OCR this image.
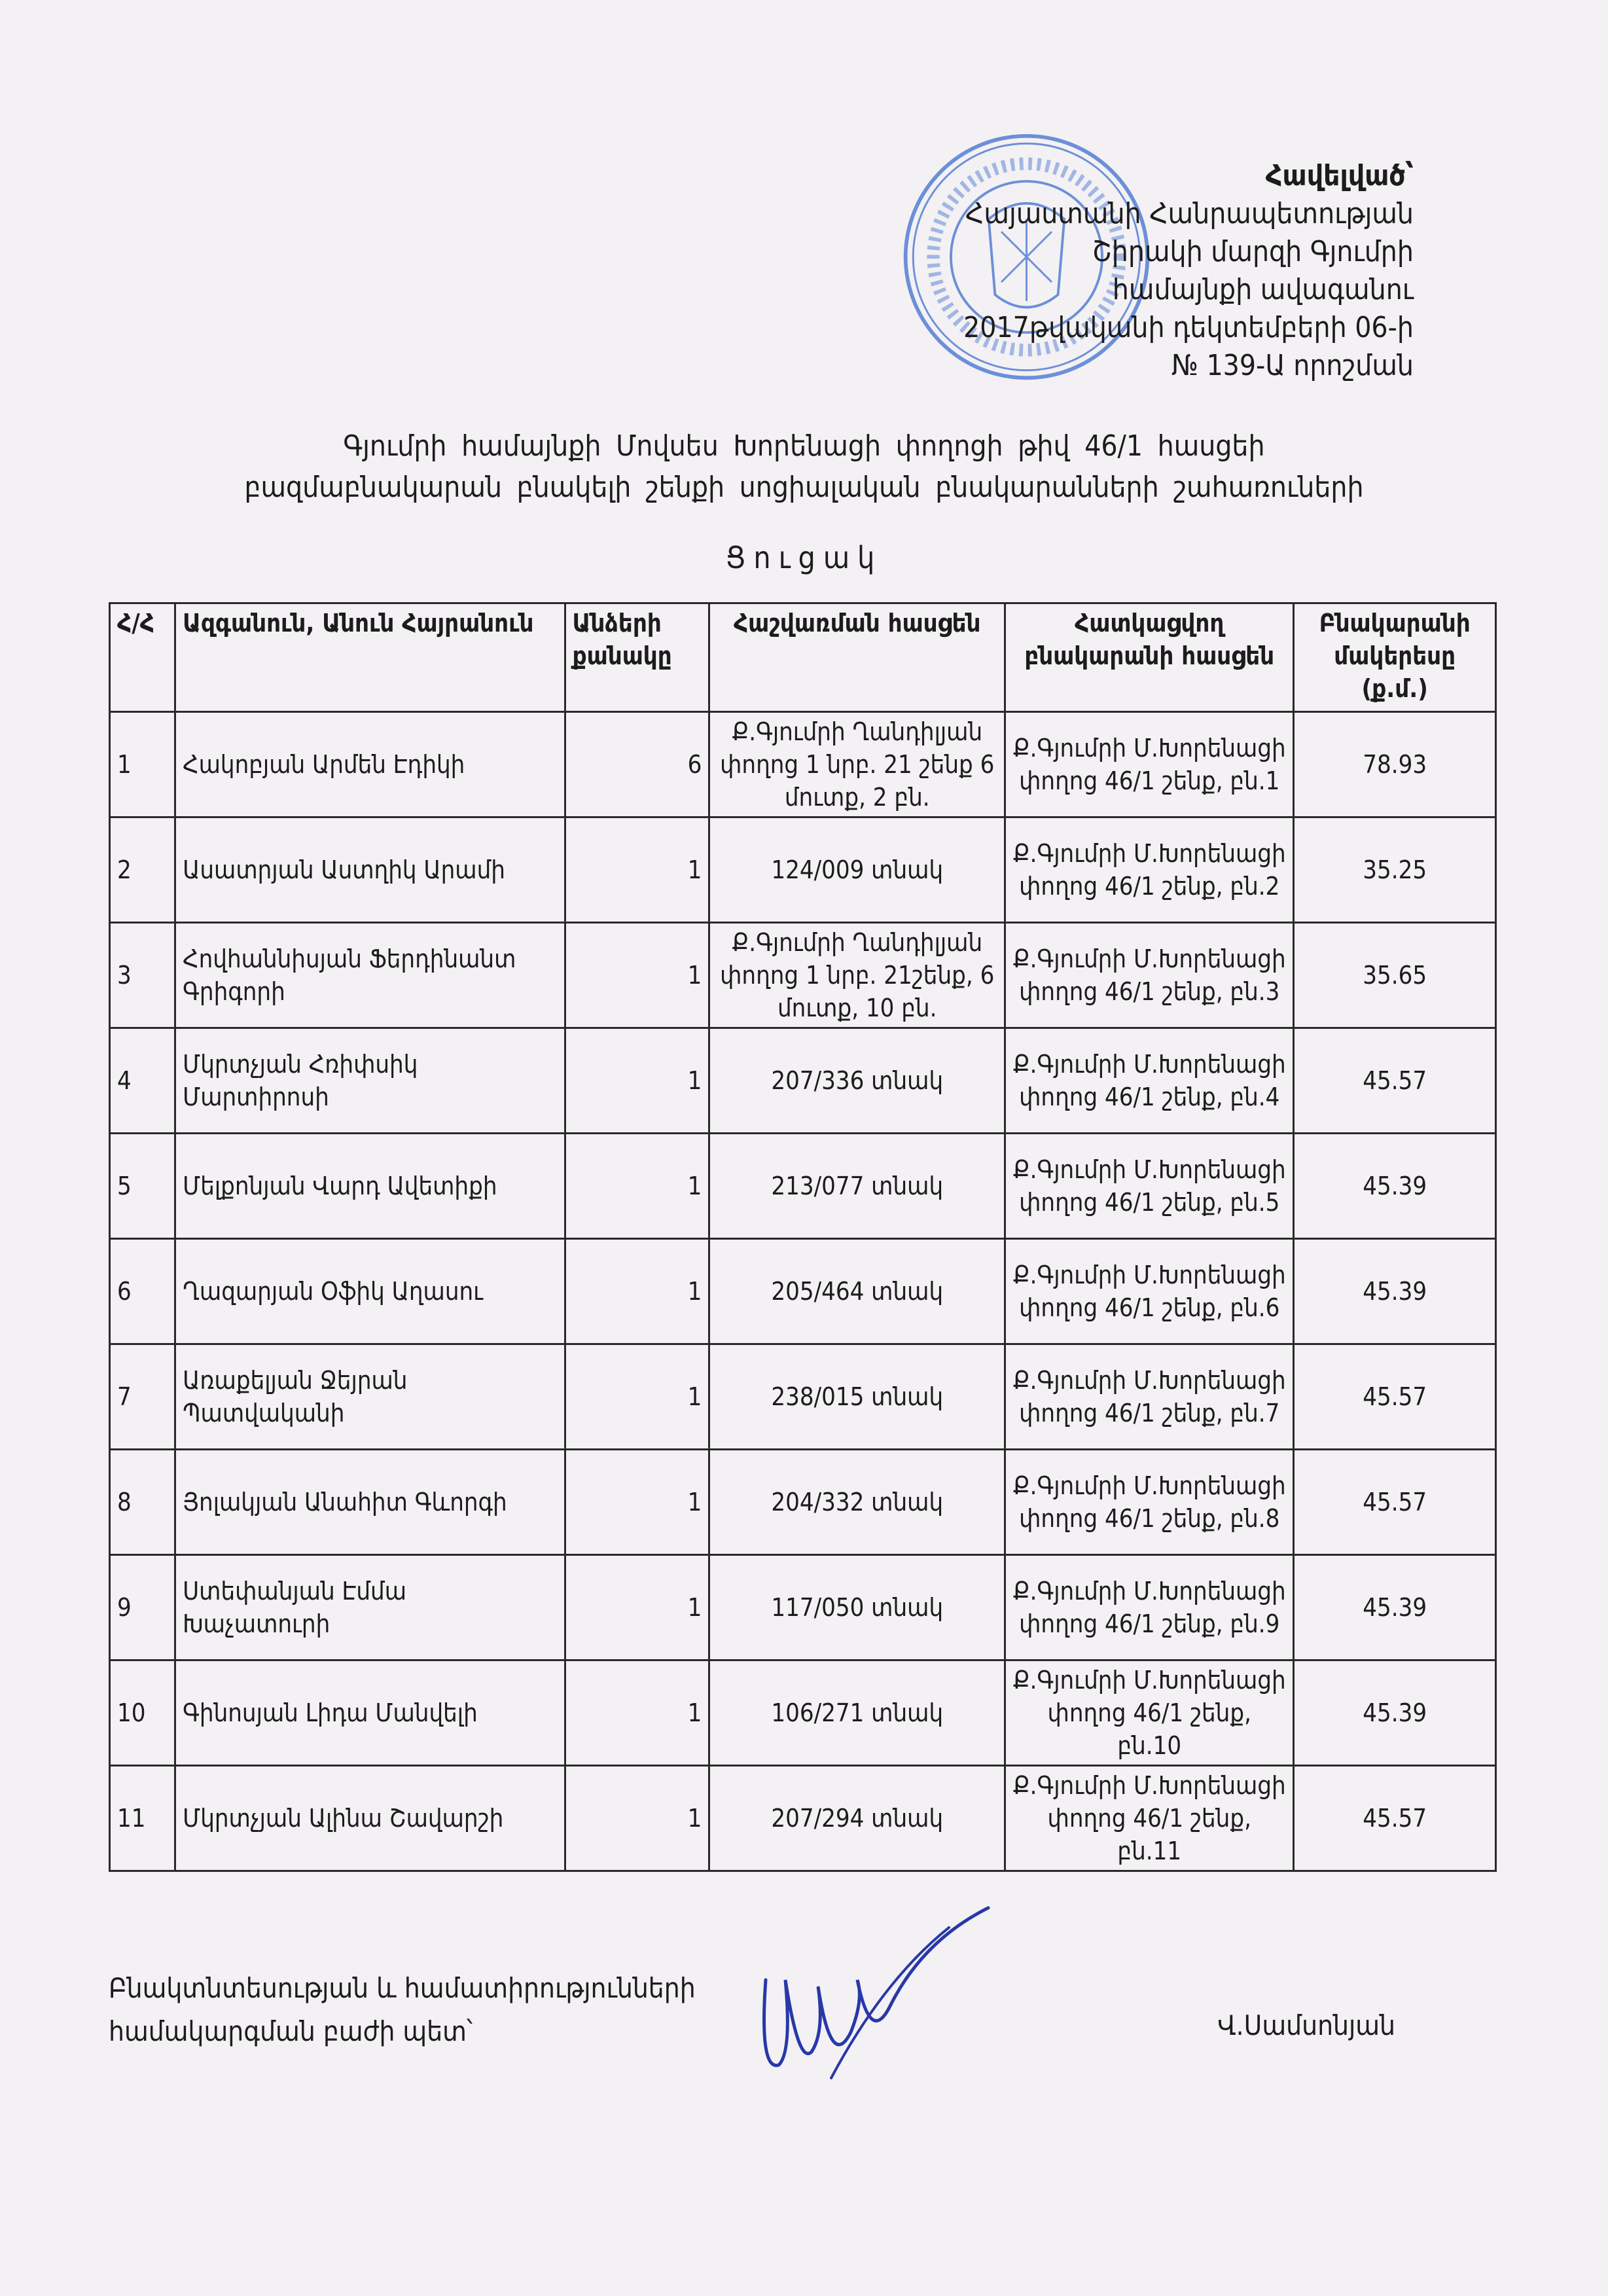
Հավելված՝
Հայաստանի Հանրապետության
Շիրակի մարզի Գյումրի
համայնքի ավագանու
2017թվականի դեկտեմբերի 06-ի
№ 139-Ա որոշման
Գյումրի համայնքի Մովսես Խորենացի փողոցի թիվ 46/1 հասցեի
բազմաբնակարան բնակելի շենքի սոցիալական բնակարանների շահառուների
Ցուցակ
Հ/Հ	Ազգանուն, Անուն Հայրանուն	Անձերի քանակը	Հաշվառման հասցեն	Հատկացվող բնակարանի հասցեն	Բնակարանի մակերեսը (ք.մ.)
1	Հակոբյան Արմեն Էդիկի	6	Ք.Գյումրի Ղանդիլյան փողոց 1 նրբ. 21 շենք 6 մուտք, 2 բն.	Ք.Գյումրի Մ.Խորենացի փողոց 46/1 շենք, բն.1	78.93
2	Ասատրյան Աստղիկ Արամի	1	124/009 տնակ	Ք.Գյումրի Մ.Խորենացի փողոց 46/1 շենք, բն.2	35.25
3	Հովհաննիսյան Ֆերդինանտ Գրիգորի	1	Ք.Գյումրի Ղանդիլյան փողոց 1 նրբ. 21շենք, 6 մուտք, 10 բն.	Ք.Գյումրի Մ.Խորենացի փողոց 46/1 շենք, բն.3	35.65
4	Մկրտչյան Հռիփսիկ Մարտիրոսի	1	207/336 տնակ	Ք.Գյումրի Մ.Խորենացի փողոց 46/1 շենք, բն.4	45.57
5	Մելքոնյան Վարդ Ավետիքի	1	213/077 տնակ	Ք.Գյումրի Մ.Խորենացի փողոց 46/1 շենք, բն.5	45.39
6	Ղազարյան Օֆիկ Աղասու	1	205/464 տնակ	Ք.Գյումրի Մ.Խորենացի փողոց 46/1 շենք, բն.6	45.39
7	Առաքելյան Ջեյրան Պատվականի	1	238/015 տնակ	Ք.Գյումրի Մ.Խորենացի փողոց 46/1 շենք, բն.7	45.57
8	Յոլակյան Անահիտ Գևորգի	1	204/332 տնակ	Ք.Գյումրի Մ.Խորենացի փողոց 46/1 շենք, բն.8	45.57
9	Ստեփանյան Էմմա Խաչատուրի	1	117/050 տնակ	Ք.Գյումրի Մ.Խորենացի փողոց 46/1 շենք, բն.9	45.39
10	Գինոսյան Լիդա Մանվելի	1	106/271 տնակ	Ք.Գյումրի Մ.Խորենացի փողոց 46/1 շենք, բն.10	45.39
11	Մկրտչյան Ալինա Շավարշի	1	207/294 տնակ	Ք.Գյումրի Մ.Խորենացի փողոց 46/1 շենք, բն.11	45.57
Բնակտնտեսության և համատիրությունների
համակարգման բաժի պետ՝	Վ.Սամսոնյան
